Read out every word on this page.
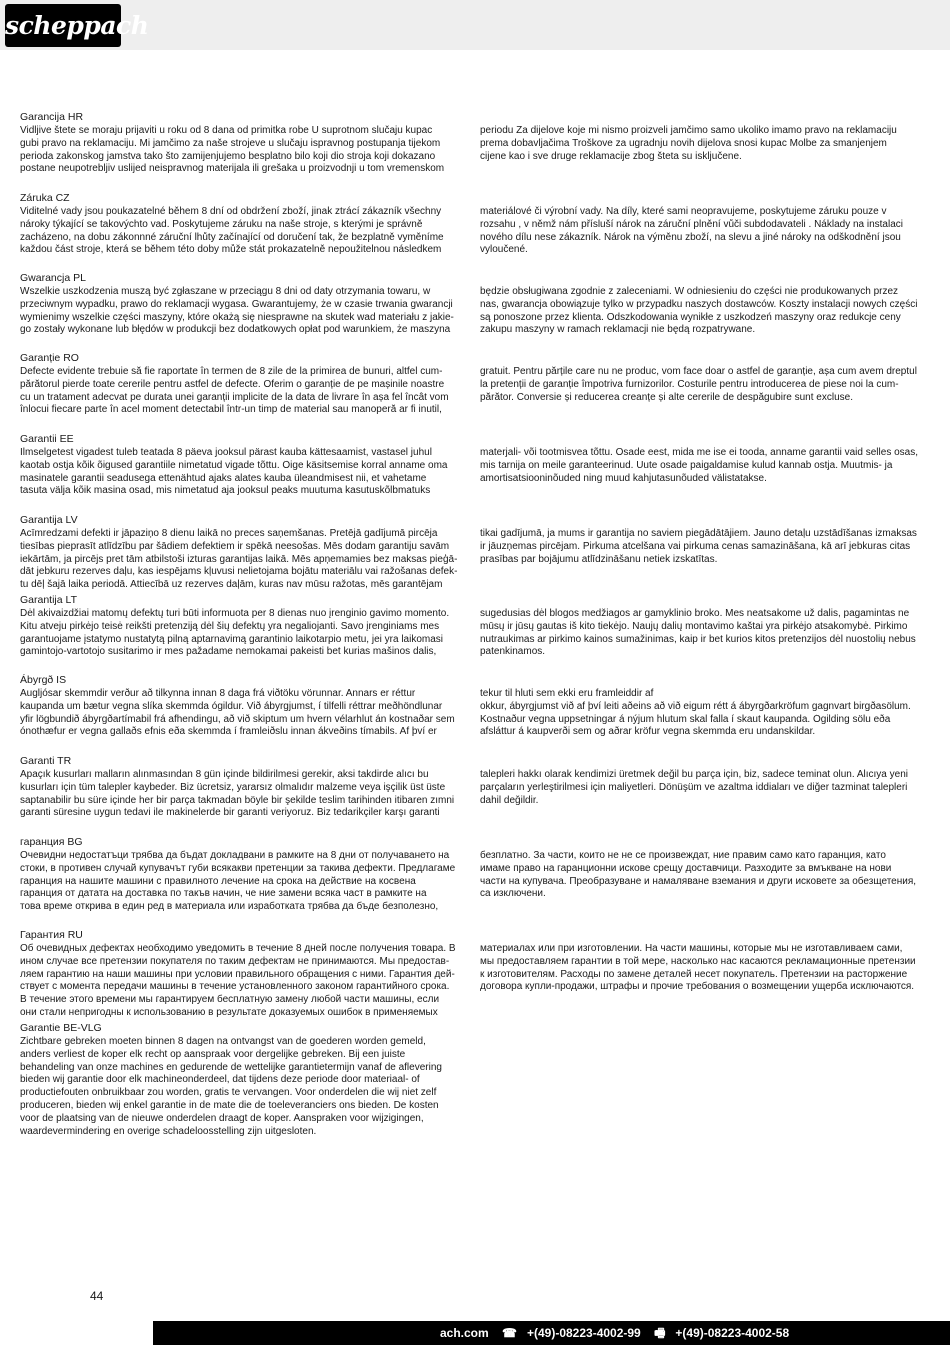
scheppach
Garancija HR
Vidljive štete se moraju prijaviti u roku od 8 dana od primitka robe U suprotnom slučaju kupac
gubi pravo na reklamaciju. Mi jamčimo za naše strojeve u slučaju ispravnog postupanja tijekom
perioda zakonskog jamstva tako što zamijenjujemo besplatno bilo koji dio stroja koji dokazano
postane neupotrebljiv uslijed neispravnog materijala ili grešaka u proizvodnji u tom vremenskom
periodu Za dijelove koje mi nismo proizveli jamčimo samo ukoliko imamo pravo na reklamaciju
prema dobavljačima Troškove za ugradnju novih dijelova snosi kupac Molbe za smanjenjem
cijene kao i sve druge reklamacije zbog šteta su isključene.
Záruka CZ
Viditelné vady jsou poukazatelné během 8 dní od obdržení zboží, jinak ztrácí zákazník všechny
nároky týkající se takovýchto vad. Poskytujeme záruku na naše stroje, s kterými je správně
zacházeno, na dobu zákonnné záruční lhůty začínající od doručení tak, že bezplatně vyměníme
každou část stroje, která se během této doby může stát prokazatelně nepoužitelnou následkem
materiálové či výrobní vady. Na díly, které sami neopravujeme, poskytujeme záruku pouze v
rozsahu , v němž nám přísluší nárok na záruční plnění vůči subdodavateli . Náklady na instalaci
nového dílu nese zákazník. Nárok na výměnu zboží, na slevu a jiné nároky na odškodnění jsou
vyloučené.
Gwarancja PL
Wszelkie uszkodzenia muszą być zgłaszane w przeciągu 8 dni od daty otrzymania towaru, w
przeciwnym wypadku, prawo do reklamacji wygasa. Gwarantujemy, że w czasie trwania gwarancji
wymienimy wszelkie części maszyny, które okażą się niesprawne na skutek wad materiału z jakie-
go zostały wykonane lub błędów w produkcji bez dodatkowych opłat pod warunkiem, że maszyna
będzie obsługiwana zgodnie z zaleceniami. W odniesieniu do części nie produkowanych przez
nas, gwarancja obowiązuje tylko w przypadku naszych dostawców. Koszty instalacji nowych części
są ponoszone przez klienta. Odszkodowania wynikłe z uszkodzeń maszyny oraz redukcje ceny
zakupu maszyny w ramach reklamacji nie będą rozpatrywane.
Garanție RO
Defecte evidente trebuie să fie raportate în termen de 8 zile de la primirea de bunuri, altfel cum-
părătorul pierde toate cererile pentru astfel de defecte. Oferim o garanție de pe mașinile noastre
cu un tratament adecvat pe durata unei garanții implicite de la data de livrare în așa fel încât vom
înlocui fiecare parte în acel moment detectabil într-un timp de material sau manoperă ar fi inutil,
gratuit. Pentru părțile care nu ne produc, vom face doar o astfel de garanție, așa cum avem dreptul
la pretenții de garanție împotriva furnizorilor. Costurile pentru introducerea de piese noi la cum-
părător. Conversie și reducerea creanțe și alte cererile de despăgubire sunt excluse.
Garantii EE
Ilmselgetest vigadest tuleb teatada 8 päeva jooksul pärast kauba kättesaamist, vastasel juhul
kaotab ostja kõik õigused garantiile nimetatud vigade tõttu. Õige käsitsemise korral anname oma
masinatele garantii seadusega ettenähtud ajaks alates kauba üleandmisest nii, et vahetame
tasuta välja kõik masina osad, mis nimetatud aja jooksul peaks muutuma kasutuskõlbmatuks
materjali- või tootmisvea tõttu. Osade eest, mida me ise ei tooda, anname garantii vaid selles osas,
mis tarnija on meile garanteerinud. Uute osade paigaldamise kulud kannab ostja. Muutmis- ja
amortisatsiooninõuded ning muud kahjutasunõuded välistatakse.
Garantija LV
Acīmredzami defekti ir jāpaziņo 8 dienu laikā no preces saņemšanas. Pretējā gadījumā pircēja
tiesības pieprasīt atlīdzību par šādiem defektiem ir spēkā neesošas. Mēs dodam garantiju savām
iekārtām, ja pircējs pret tām atbilstoši izturas garantijas laikā. Mēs apņemamies bez maksas pieģā-
dāt jebkuru rezerves daļu, kas iespējams kļuvusi nelietojama bojātu materiālu vai ražošanas defek-
tu dēļ šajā laika periodā. Attiecībā uz rezerves daļām, kuras nav mūsu ražotas, mēs garantējam
tikai gadījumā, ja mums ir garantija no saviem piegādātājiem. Jauno detaļu uzstādīšanas izmaksas
ir jāuzņemas pircējam. Pirkuma atcelšana vai pirkuma cenas samazināšana, kā arī jebkuras citas
prasības par bojājumu atlīdzināšanu netiek izskatītas.
Garantija LT
Dėl akivaizdžiai matomų defektų turi būti informuota per 8 dienas nuo įrenginio gavimo momento.
Kitu atveju pirkėjo teisė reikšti pretenziją dėl šių defektų yra negaliojanti. Savo įrenginiams mes
garantuojame įstatymo nustatytą pilną aptarnavimą garantinio laikotarpio metu, jei yra laikomasi
gamintojo-vartotojo susitarimo ir mes pažadame nemokamai pakeisti bet kurias mašinos dalis,
sugedusias dėl blogos medžiagos ar gamyklinio broko. Mes neatsakome už dalis, pagamintas ne
mūsų ir jūsų gautas iš kito tiekėjo. Naujų dalių montavimo kaštai yra pirkėjo atsakomybė. Pirkimo
nutraukimas ar pirkimo kainos sumažinimas, kaip ir bet kurios kitos pretenzijos dėl nuostolių nebus
patenkinamos.
Ábyrgð IS
Augljósar skemmdir verður að tilkynna innan 8 daga frá viðtöku vörunnar. Annars er réttur
kaupanda um bætur vegna slíka skemmda ógildur. Við ábyrgjumst, í tilfelli réttrar meðhöndlunar
yfir lögbundið ábyrgðartímabil frá afhendingu, að við skiptum um hvern vélarhlut án kostnaðar sem
ónothæfur er vegna gallaðs efnis eða skemmda í framleiðslu innan ákveðins tímabils. Af því er
tekur til hluti sem ekki eru framleiddir af
okkur, ábyrgjumst við af því leiti aðeins að við eigum rétt á ábyrgðarkröfum gagnvart birgðasölum.
Kostnaður vegna uppsetningar á nýjum hlutum skal falla í skaut kaupanda. Ógilding sölu eða
afsláttur á kaupverði sem og aðrar kröfur vegna skemmda eru undanskildar.
Garanti TR
Apaçık kusurları malların alınmasından 8 gün içinde bildirilmesi gerekir, aksi takdirde alıcı bu
kusurları için tüm talepler kaybeder. Biz ücretsiz, yararsız olmalıdır malzeme veya işçilik üst üste
saptanabilir bu süre içinde her bir parça takmadan böyle bir şekilde teslim tarihinden itibaren zımni
garanti süresine uygun tedavi ile makinelerde bir garanti veriyoruz. Biz tedarikçiler karşı garanti
talepleri hakkı olarak kendimizi üretmek değil bu parça için, biz, sadece teminat olun. Alıcıya yeni
parçaların yerleştirilmesi için maliyetleri. Dönüşüm ve azaltma iddiaları ve diğer tazminat talepleri
dahil değildir.
гаранция BG
Очевидни недостатъци трябва да бъдат докладвани в рамките на 8 дни от получаването на
стоки, в противен случай купувачът губи всякакви претенции за такива дефекти. Предлагаме
гаранция на нашите машини с правилното лечение на срока на действие на косвена
гаранция от датата на доставка по такъв начин, че ние замени всяка част в рамките на
това време открива в един ред в материала или изработката трябва да бъде безполезно,
безплатно. За части, които не не се произвеждат, ние правим само като гаранция, като
имаме право на гаранционни искове срещу доставчици. Разходите за вмъкване на нови
части на купувача. Преобразуване и намаляване вземания и други исковете за обезщетения,
са изключени.
Гарантия RU
Об очевидных дефектах необходимо уведомить в течение 8 дней после получения товара. В
ином случае все претензии покупателя по таким дефектам не принимаются. Мы предостав-
ляем гарантию на наши машины при условии правильного обращения с ними. Гарантия дей-
ствует с момента передачи машины в течение установленного законом гарантийного срока.
В течение этого времени мы гарантируем бесплатную замену любой части машины, если
они стали непригодны к использованию в результате доказуемых ошибок в применяемых
материалах или при изготовлении. На части машины, которые мы не изготавливаем сами,
мы предоставляем гарантии в той мере, насколько нас касаются рекламационные претензии
к изготовителям. Расходы по замене деталей несет покупатель. Претензии на расторжение
договора купли-продажи, штрафы и прочие требования о возмещении ущерба исключаются.
Garantie BE-VLG
Zichtbare gebreken moeten binnen 8 dagen na ontvangst van de goederen worden gemeld,
anders verliest de koper elk recht op aanspraak voor dergelijke gebreken. Bij een juiste
behandeling van onze machines en gedurende de wettelijke garantietermijn vanaf de aflevering
bieden wij garantie door elk machineonderdeel, dat tijdens deze periode door materiaal- of
productiefouten onbruikbaar zou worden, gratis te vervangen. Voor onderdelen die wij niet zelf
produceren, bieden wij enkel garantie in de mate die de toeleveranciers ons bieden. De kosten
voor de plaatsing van de nieuwe onderdelen draagt de koper. Aanspraken voor wijzigingen,
waardevermindering en overige schadeloosstelling zijn uitgesloten.
44
ach.com ☎ +(49)-08223-4002-99 🖷 +(49)-08223-4002-58
